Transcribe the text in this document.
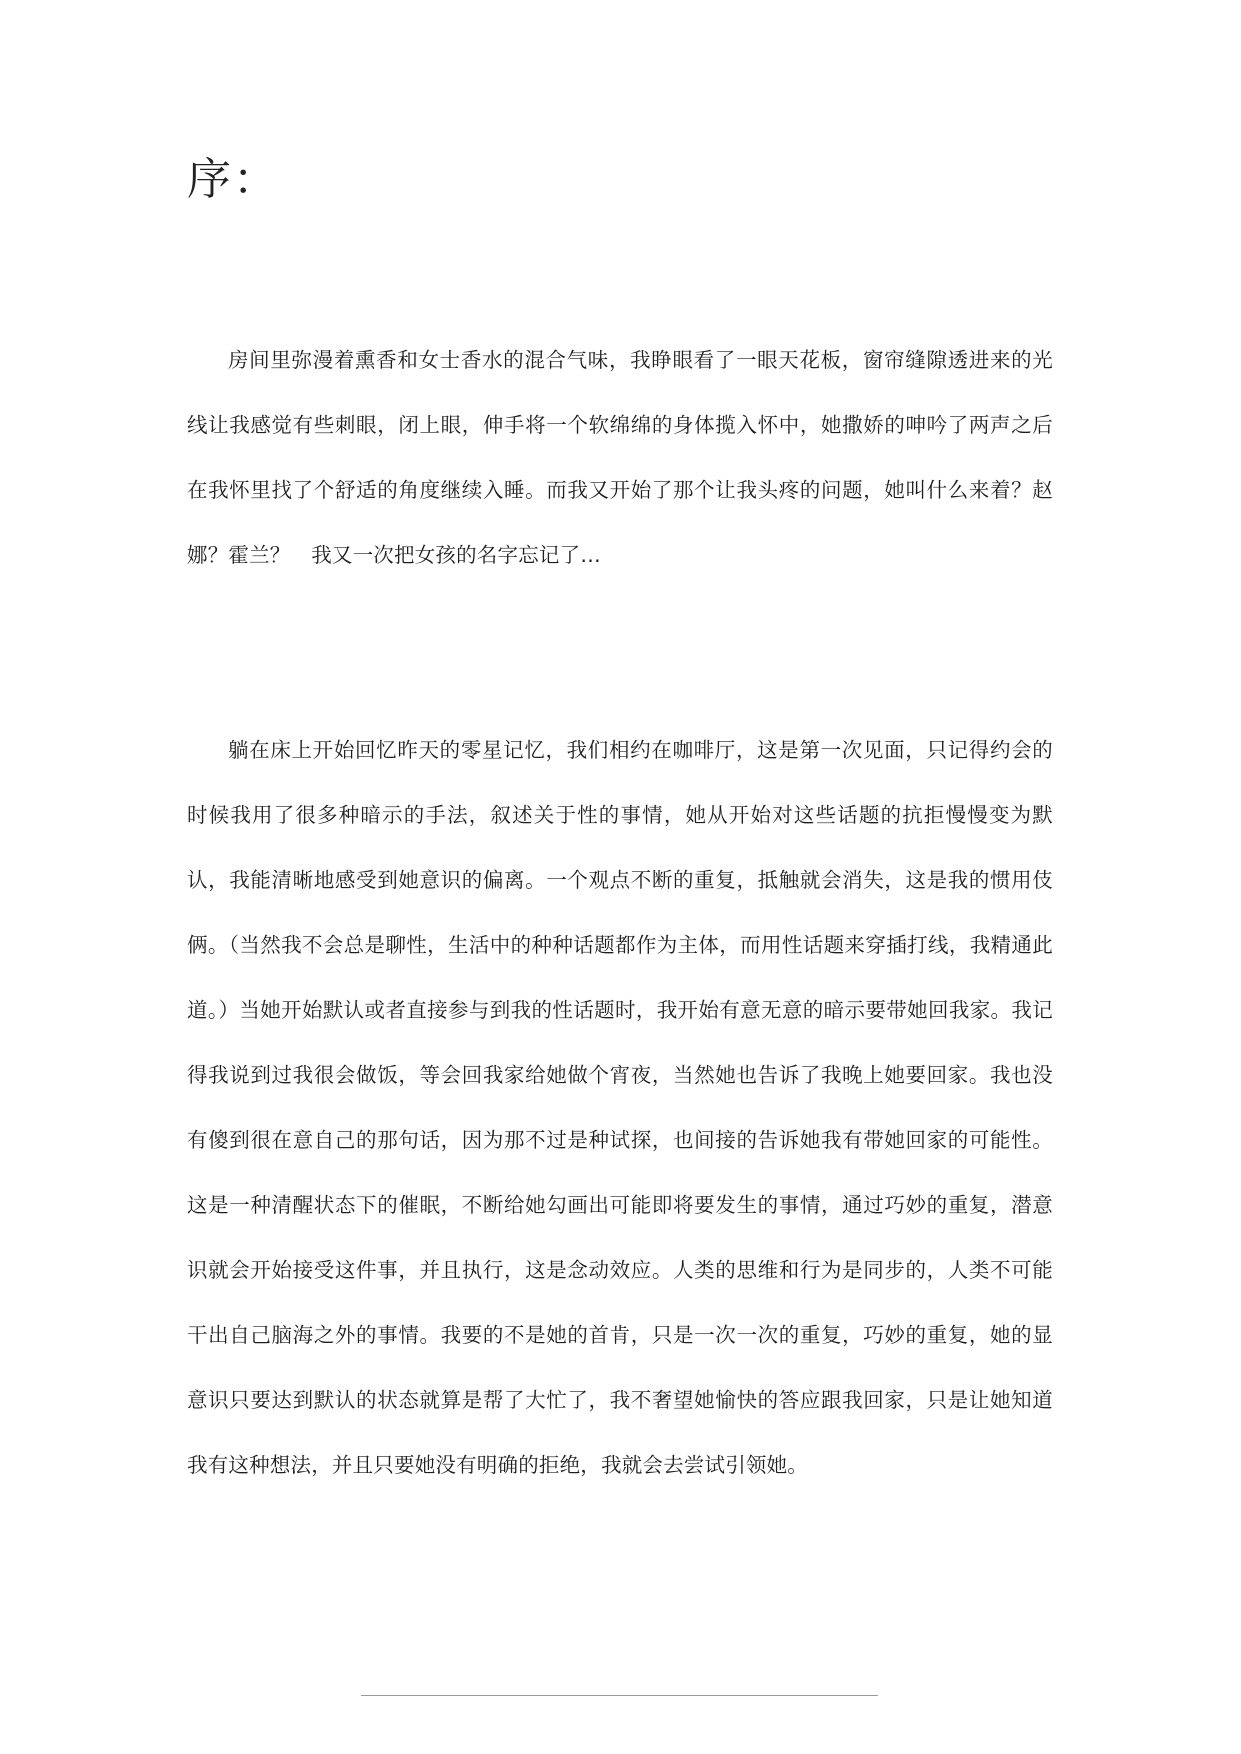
序：

房间里弥漫着熏香和女士香水的混合气味，我睁眼看了一眼天花板，窗帘缝隙透进来的光线让我感觉有些刺眼，闭上眼，伸手将一个软绵绵的身体揽入怀中，她撒娇的呻吟了两声之后在我怀里找了个舒适的角度继续入睡。而我又开始了那个让我头疼的问题，她叫什么来着？赵娜？霍兰？　我又一次把女孩的名字忘记了…

躺在床上开始回忆昨天的零星记忆，我们相约在咖啡厅，这是第一次见面，只记得约会的时候我用了很多种暗示的手法，叙述关于性的事情，她从开始对这些话题的抗拒慢慢变为默认，我能清晰地感受到她意识的偏离。一个观点不断的重复，抵触就会消失，这是我的惯用伎俩。（当然我不会总是聊性，生活中的种种话题都作为主体，而用性话题来穿插打线，我精通此道。）当她开始默认或者直接参与到我的性话题时，我开始有意无意的暗示要带她回我家。我记得我说到过我很会做饭，等会回我家给她做个宵夜，当然她也告诉了我晚上她要回家。我也没有傻到很在意自己的那句话，因为那不过是种试探，也间接的告诉她我有带她回家的可能性。这是一种清醒状态下的催眠，不断给她勾画出可能即将要发生的事情，通过巧妙的重复，潜意识就会开始接受这件事，并且执行，这是念动效应。人类的思维和行为是同步的，人类不可能干出自己脑海之外的事情。我要的不是她的首肯，只是一次一次的重复，巧妙的重复，她的显意识只要达到默认的状态就算是帮了大忙了，我不奢望她愉快的答应跟我回家，只是让她知道我有这种想法，并且只要她没有明确的拒绝，我就会去尝试引领她。
